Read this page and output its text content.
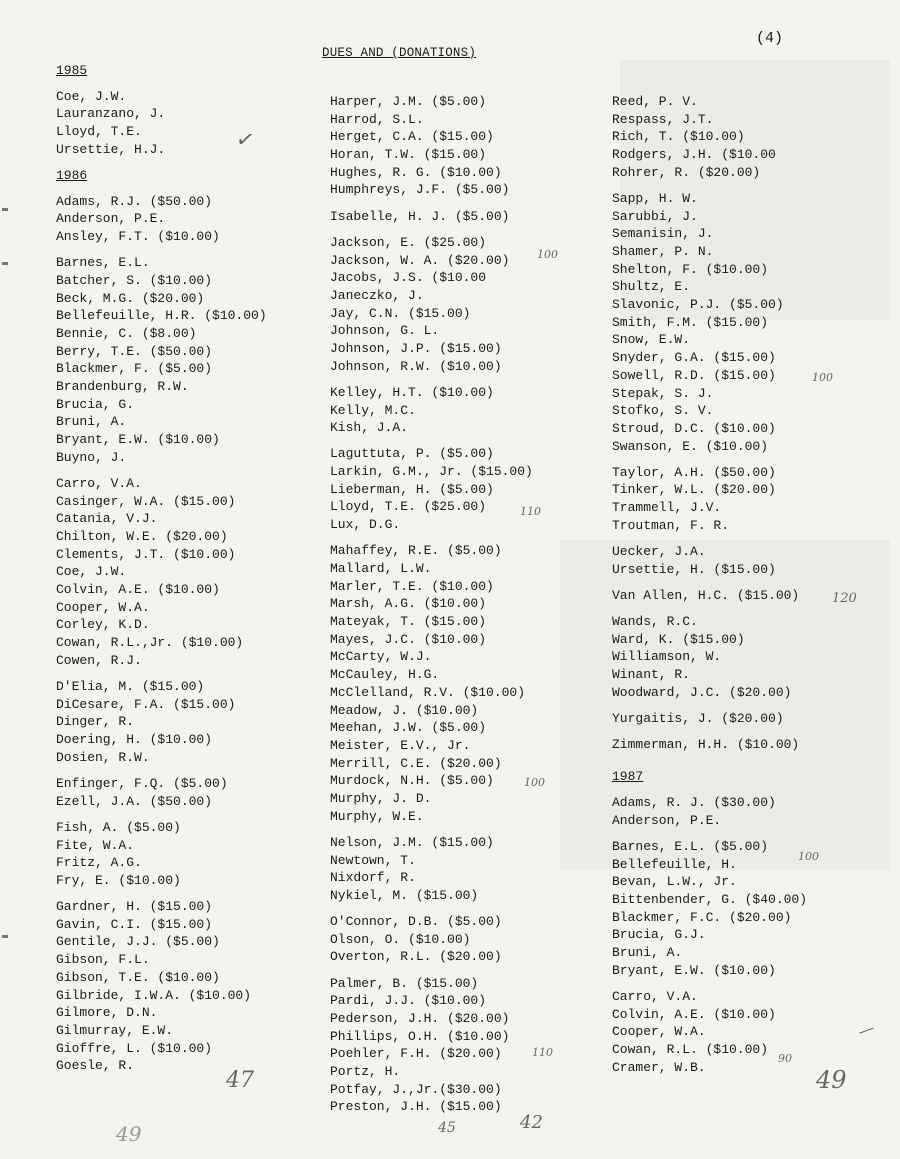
(4)
DUES AND (DONATIONS)
1985
Coe, J.W.
Lauranzano, J.
Lloyd, T.E.
Ursettie, H.J.
1986
Adams, R.J. ($50.00)
Anderson, P.E.
Ansley, F.T. ($10.00)
Barnes, E.L.
Batcher, S. ($10.00)
Beck, M.G. ($20.00)
Bellefeuille, H.R. ($10.00)
Bennie, C. ($8.00)
Berry, T.E. ($50.00)
Blackmer, F. ($5.00)
Brandenburg, R.W.
Brucia, G.
Bruni, A.
Bryant, E.W. ($10.00)
Buyno, J.
Carro, V.A.
Casinger, W.A. ($15.00)
Catania, V.J.
Chilton, W.E. ($20.00)
Clements, J.T. ($10.00)
Coe, J.W.
Colvin, A.E. ($10.00)
Cooper, W.A.
Corley, K.D.
Cowan, R.L.,Jr. ($10.00)
Cowen, R.J.
D'Elia, M. ($15.00)
DiCesare, F.A. ($15.00)
Dinger, R.
Doering, H. ($10.00)
Dosien, R.W.
Enfinger, F.Q. ($5.00)
Ezell, J.A. ($50.00)
Fish, A. ($5.00)
Fite, W.A.
Fritz, A.G.
Fry, E. ($10.00)
Gardner, H. ($15.00)
Gavin, C.I. ($15.00)
Gentile, J.J. ($5.00)
Gibson, F.L.
Gibson, T.E. ($10.00)
Gilbride, I.W.A. ($10.00)
Gilmore, D.N.
Gilmurray, E.W.
Gioffre, L. ($10.00)
Goesle, R.
Harper, J.M. ($5.00)
Harrod, S.L.
Herget, C.A. ($15.00)
Horan, T.W. ($15.00)
Hughes, R. G. ($10.00)
Humphreys, J.F. ($5.00)
Isabelle, H. J. ($5.00)
Jackson, E. ($25.00)
Jackson, W. A. ($20.00)
Jacobs, J.S. ($10.00
Janeczko, J.
Jay, C.N. ($15.00)
Johnson, G. L.
Johnson, J.P. ($15.00)
Johnson, R.W. ($10.00)
Kelley, H.T. ($10.00)
Kelly, M.C.
Kish, J.A.
Laguttuta, P. ($5.00)
Larkin, G.M., Jr. ($15.00)
Lieberman, H. ($5.00)
Lloyd, T.E. ($25.00)
Lux, D.G.
Mahaffey, R.E. ($5.00)
Mallard, L.W.
Marler, T.E. ($10.00)
Marsh, A.G. ($10.00)
Mateyak, T. ($15.00)
Mayes, J.C. ($10.00)
McCarty, W.J.
McCauley, H.G.
McClelland, R.V. ($10.00)
Meadow, J. ($10.00)
Meehan, J.W. ($5.00)
Meister, E.V., Jr.
Merrill, C.E. ($20.00)
Murdock, N.H. ($5.00)
Murphy, J. D.
Murphy, W.E.
Nelson, J.M. ($15.00)
Newtown, T.
Nixdorf, R.
Nykiel, M. ($15.00)
O'Connor, D.B. ($5.00)
Olson, O. ($10.00)
Overton, R.L. ($20.00)
Palmer, B. ($15.00)
Pardi, J.J. ($10.00)
Pederson, J.H. ($20.00)
Phillips, O.H. ($10.00)
Poehler, F.H. ($20.00)
Portz, H.
Potfay, J.,Jr.($30.00)
Preston, J.H. ($15.00)
Reed, P. V.
Respass, J.T.
Rich, T. ($10.00)
Rodgers, J.H. ($10.00
Rohrer, R. ($20.00)
Sapp, H. W.
Sarubbi, J.
Semanisin, J.
Shamer, P. N.
Shelton, F. ($10.00)
Shultz, E.
Slavonic, P.J. ($5.00)
Smith, F.M. ($15.00)
Snow, E.W.
Snyder, G.A. ($15.00)
Sowell, R.D. ($15.00)
Stepak, S. J.
Stofko, S. V.
Stroud, D.C. ($10.00)
Swanson, E. ($10.00)
Taylor, A.H. ($50.00)
Tinker, W.L. ($20.00)
Trammell, J.V.
Troutman, F. R.
Uecker, J.A.
Ursettie, H. ($15.00)
Van Allen, H.C. ($15.00)
Wands, R.C.
Ward, K. ($15.00)
Williamson, W.
Winant, R.
Woodward, J.C. ($20.00)
Yurgaitis, J. ($20.00)
Zimmerman, H.H. ($10.00)
1987
Adams, R. J. ($30.00)
Anderson, P.E.
Barnes, E.L. ($5.00)
Bellefeuille, H.
Bevan, L.W., Jr.
Bittenbender, G. ($40.00)
Blackmer, F.C. ($20.00)
Brucia, G.J.
Bruni, A.
Bryant, E.W. ($10.00)
Carro, V.A.
Colvin, A.E. ($10.00)
Cooper, W.A.
Cowan, R.L. ($10.00)
Cramer, W.B.
✓
100
110
100
110
100
120
100
90
—
47
49	45	42
49
